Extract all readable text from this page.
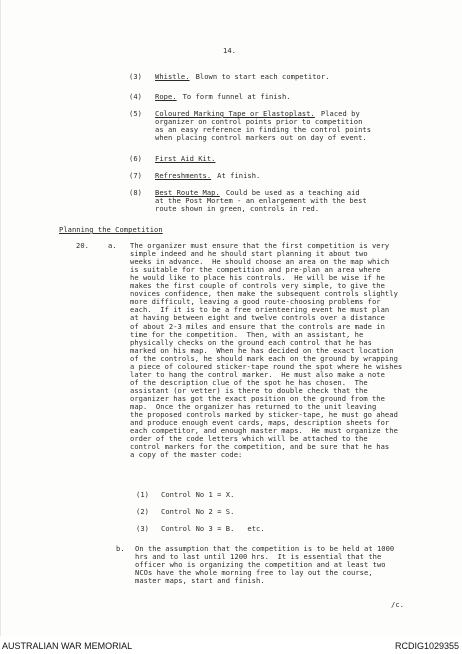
14.
(3) Whistle. Blown to start each competitor.
(4) Rope. To form funnel at finish.
(5) Coloured Marking Tape or Elastoplast. Placed by
organizer on control points prior to competition
as an easy reference in finding the control points
when placing control markers out on day of event.
(6) First Aid Kit.
(7) Refreshments. At finish.
(8) Best Route Map. Could be used as a teaching aid
at the Post Mortem - an enlargement with the best
route shown in green, controls in red.
Planning the Competition
20.	a. The organizer must ensure that the first competition is very
simple indeed and he should start planning it about two
weeks in advance.  He should choose an area on the map which
is suitable for the competition and pre-plan an area where
he would like to place his controls.  He will be wise if he
makes the first couple of controls very simple, to give the
novices confidence, then make the subsequent controls slightly
more difficult, leaving a good route-choosing problems for
each.  If it is to be a free orienteering event he must plan
at having between eight and twelve controls over a distance
of about 2-3 miles and ensure that the controls are made in
time for the competition.  Then, with an assistant, he
physically checks on the ground each control that he has
marked on his map.  When he has decided on the exact location
of the controls, he should mark each on the ground by wrapping
a piece of coloured sticker-tape round the spot where he wishes
later to hang the control marker.  He must also make a note
of the description clue of the spot he has chosen.  The
assistant (or vetter) is there to double check that the
organizer has got the exact position on the ground from the
map.  Once the organizer has returned to the unit leaving
the proposed controls marked by sticker-tape, he must go ahead
and produce enough event cards, maps, description sheets for
each competitor, and enough master maps.  He must organize the
order of the code letters which will be attached to the
control markers for the competition, and be sure that he has
a copy of the master code:
(1) Control No 1 = X.
(2) Control No 2 = S.
(3) Control No 3 = B.   etc.
b. On the assumption that the competition is to be held at 1000
hrs and to last until 1200 hrs.  It is essential that the
officer who is organizing the competition and at least two
NCOs have the whole morning free to lay out the course,
master maps, start and finish.
/c.
AUSTRALIAN WAR MEMORIAL	RCDIG1029355
